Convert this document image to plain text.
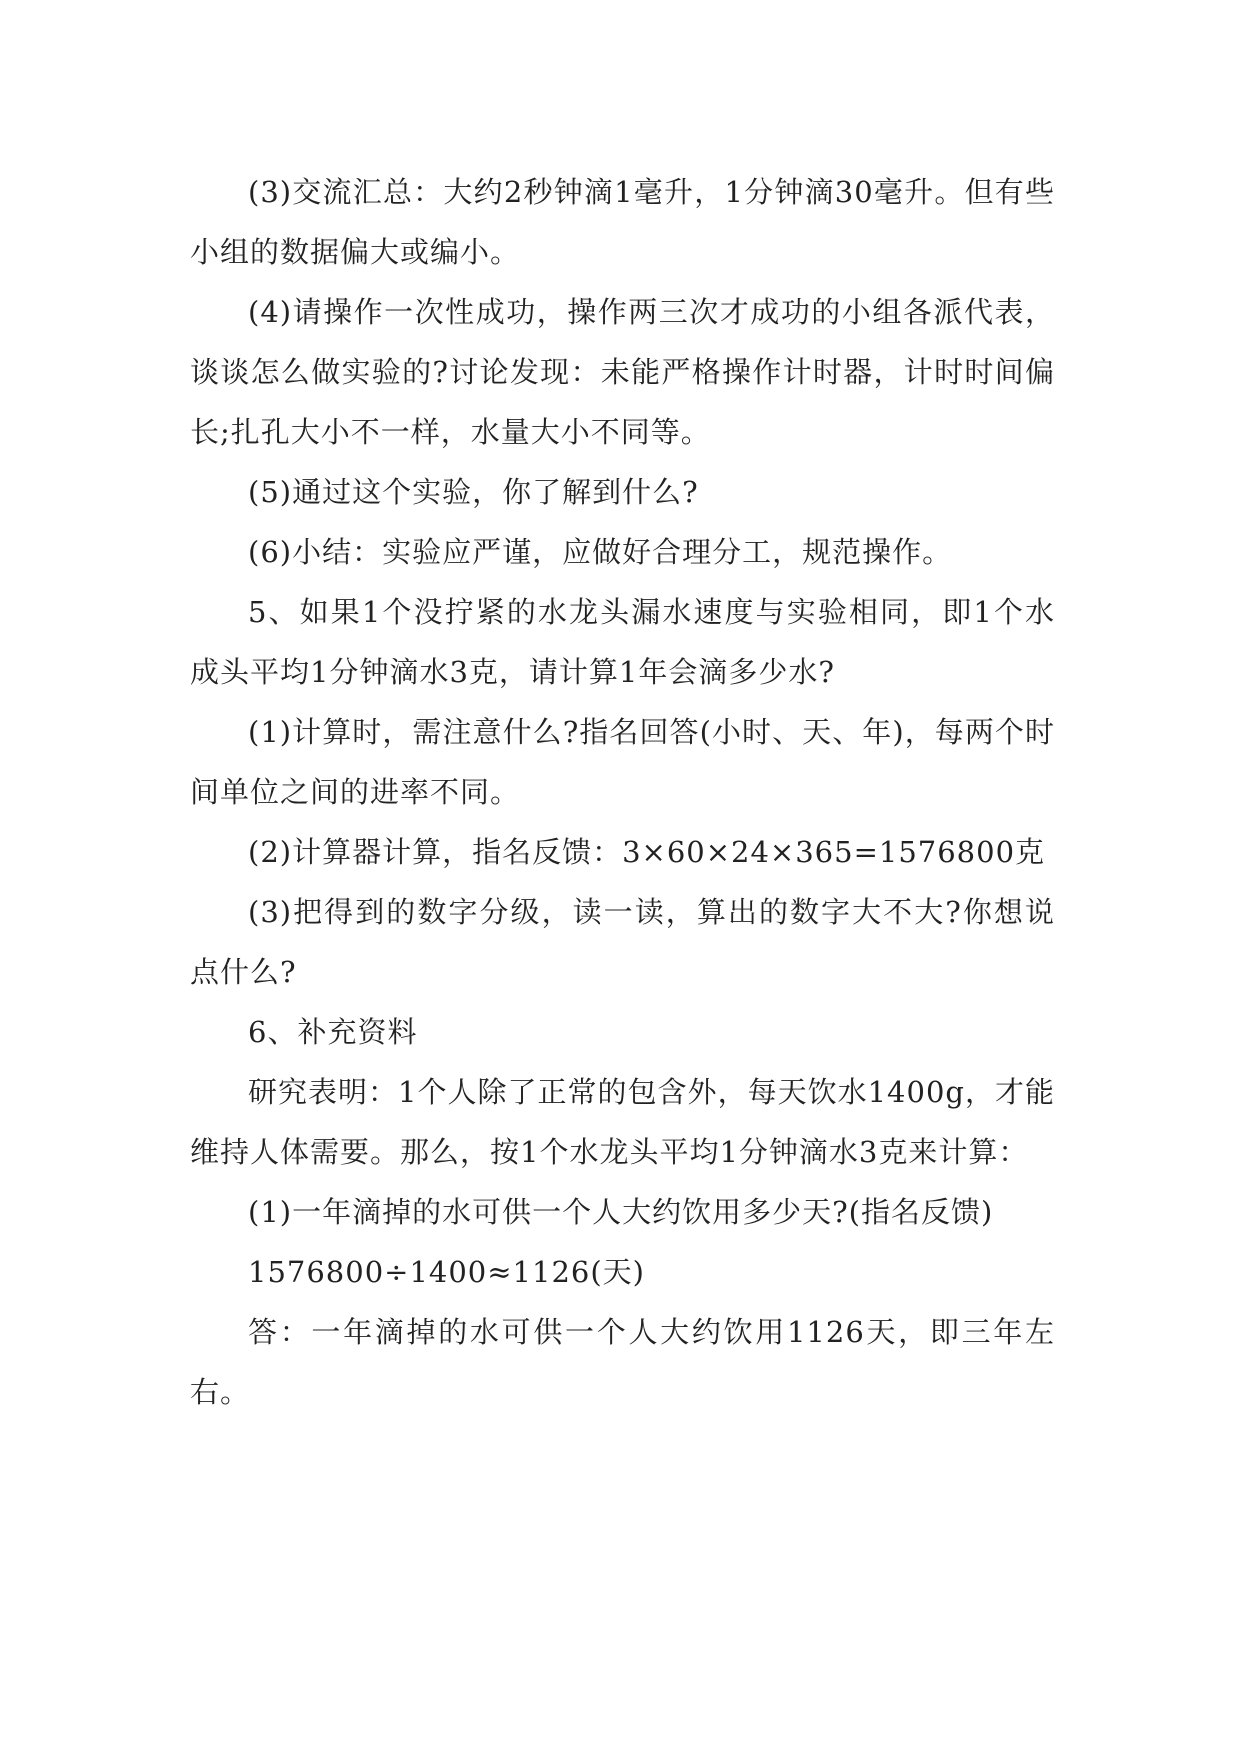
(3)交流汇总：大约2秒钟滴1毫升，1分钟滴30毫升。但有些小组的数据偏大或编小。

(4)请操作一次性成功，操作两三次才成功的小组各派代表，谈谈怎么做实验的?讨论发现：未能严格操作计时器，计时时间偏长;扎孔大小不一样，水量大小不同等。

(5)通过这个实验，你了解到什么?

(6)小结：实验应严谨，应做好合理分工，规范操作。

5、如果1个没拧紧的水龙头漏水速度与实验相同，即1个水成头平均1分钟滴水3克，请计算1年会滴多少水?

(1)计算时，需注意什么?指名回答(小时、天、年)，每两个时间单位之间的进率不同。

(2)计算器计算，指名反馈：3×60×24×365=1576800克

(3)把得到的数字分级，读一读，算出的数字大不大?你想说点什么?

6、补充资料

研究表明：1个人除了正常的包含外，每天饮水1400g，才能维持人体需要。那么，按1个水龙头平均1分钟滴水3克来计算：

(1)一年滴掉的水可供一个人大约饮用多少天?(指名反馈)

1576800÷1400≈1126(天)

答：一年滴掉的水可供一个人大约饮用1126天，即三年左右。
